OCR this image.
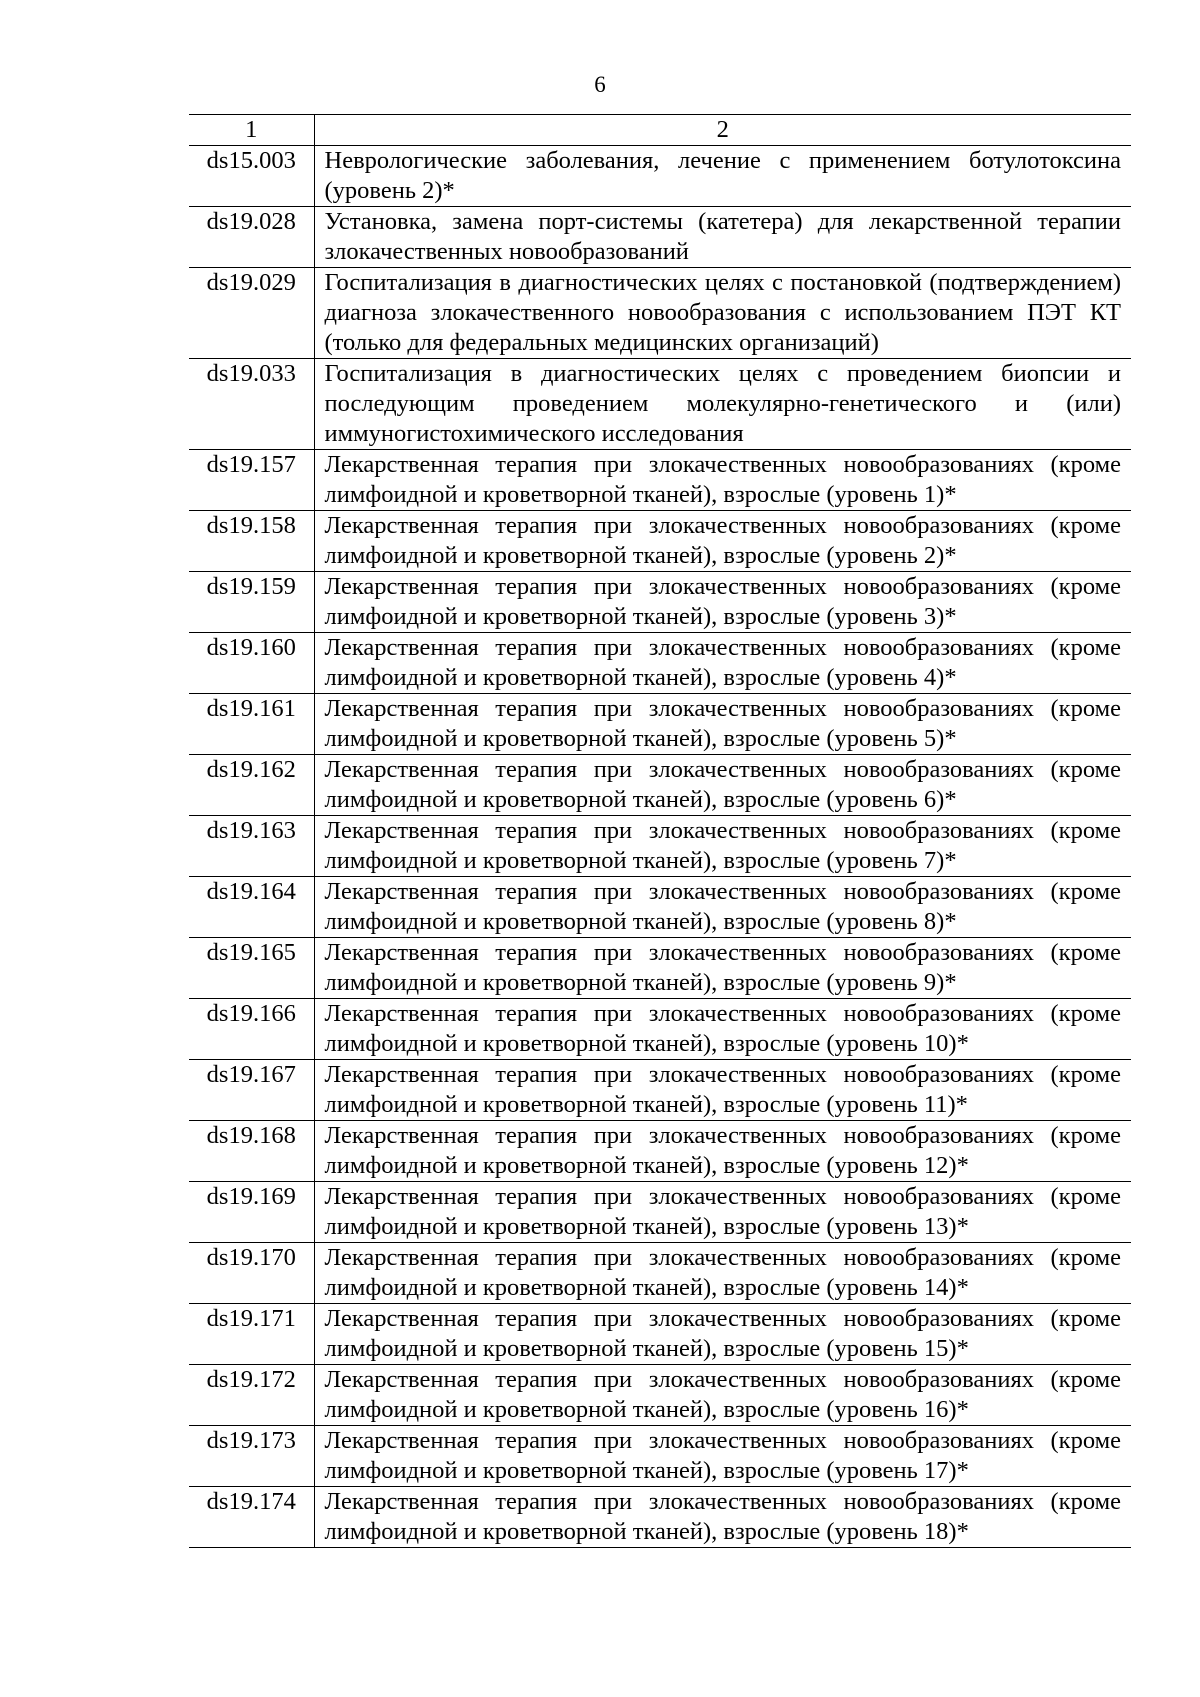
6
1	2
ds15.003	Неврологические заболевания, лечение с применением ботулотоксина (уровень 2)*
ds19.028	Установка, замена порт-системы (катетера) для лекарственной терапии злокачественных новообразований
ds19.029	Госпитализация в диагностических целях с постановкой (подтверждением) диагноза злокачественного новообразования с использованием ПЭТ КТ (только для федеральных медицинских организаций)
ds19.033	Госпитализация в диагностических целях с проведением биопсии и последующим проведением молекулярно-генетического и (или) иммуногистохимического исследования
ds19.157	Лекарственная терапия при злокачественных новообразованиях (кроме лимфоидной и кроветворной тканей), взрослые (уровень 1)*
ds19.158	Лекарственная терапия при злокачественных новообразованиях (кроме лимфоидной и кроветворной тканей), взрослые (уровень 2)*
ds19.159	Лекарственная терапия при злокачественных новообразованиях (кроме лимфоидной и кроветворной тканей), взрослые (уровень 3)*
ds19.160	Лекарственная терапия при злокачественных новообразованиях (кроме лимфоидной и кроветворной тканей), взрослые (уровень 4)*
ds19.161	Лекарственная терапия при злокачественных новообразованиях (кроме лимфоидной и кроветворной тканей), взрослые (уровень 5)*
ds19.162	Лекарственная терапия при злокачественных новообразованиях (кроме лимфоидной и кроветворной тканей), взрослые (уровень 6)*
ds19.163	Лекарственная терапия при злокачественных новообразованиях (кроме лимфоидной и кроветворной тканей), взрослые (уровень 7)*
ds19.164	Лекарственная терапия при злокачественных новообразованиях (кроме лимфоидной и кроветворной тканей), взрослые (уровень 8)*
ds19.165	Лекарственная терапия при злокачественных новообразованиях (кроме лимфоидной и кроветворной тканей), взрослые (уровень 9)*
ds19.166	Лекарственная терапия при злокачественных новообразованиях (кроме лимфоидной и кроветворной тканей), взрослые (уровень 10)*
ds19.167	Лекарственная терапия при злокачественных новообразованиях (кроме лимфоидной и кроветворной тканей), взрослые (уровень 11)*
ds19.168	Лекарственная терапия при злокачественных новообразованиях (кроме лимфоидной и кроветворной тканей), взрослые (уровень 12)*
ds19.169	Лекарственная терапия при злокачественных новообразованиях (кроме лимфоидной и кроветворной тканей), взрослые (уровень 13)*
ds19.170	Лекарственная терапия при злокачественных новообразованиях (кроме лимфоидной и кроветворной тканей), взрослые (уровень 14)*
ds19.171	Лекарственная терапия при злокачественных новообразованиях (кроме лимфоидной и кроветворной тканей), взрослые (уровень 15)*
ds19.172	Лекарственная терапия при злокачественных новообразованиях (кроме лимфоидной и кроветворной тканей), взрослые (уровень 16)*
ds19.173	Лекарственная терапия при злокачественных новообразованиях (кроме лимфоидной и кроветворной тканей), взрослые (уровень 17)*
ds19.174	Лекарственная терапия при злокачественных новообразованиях (кроме лимфоидной и кроветворной тканей), взрослые (уровень 18)*
